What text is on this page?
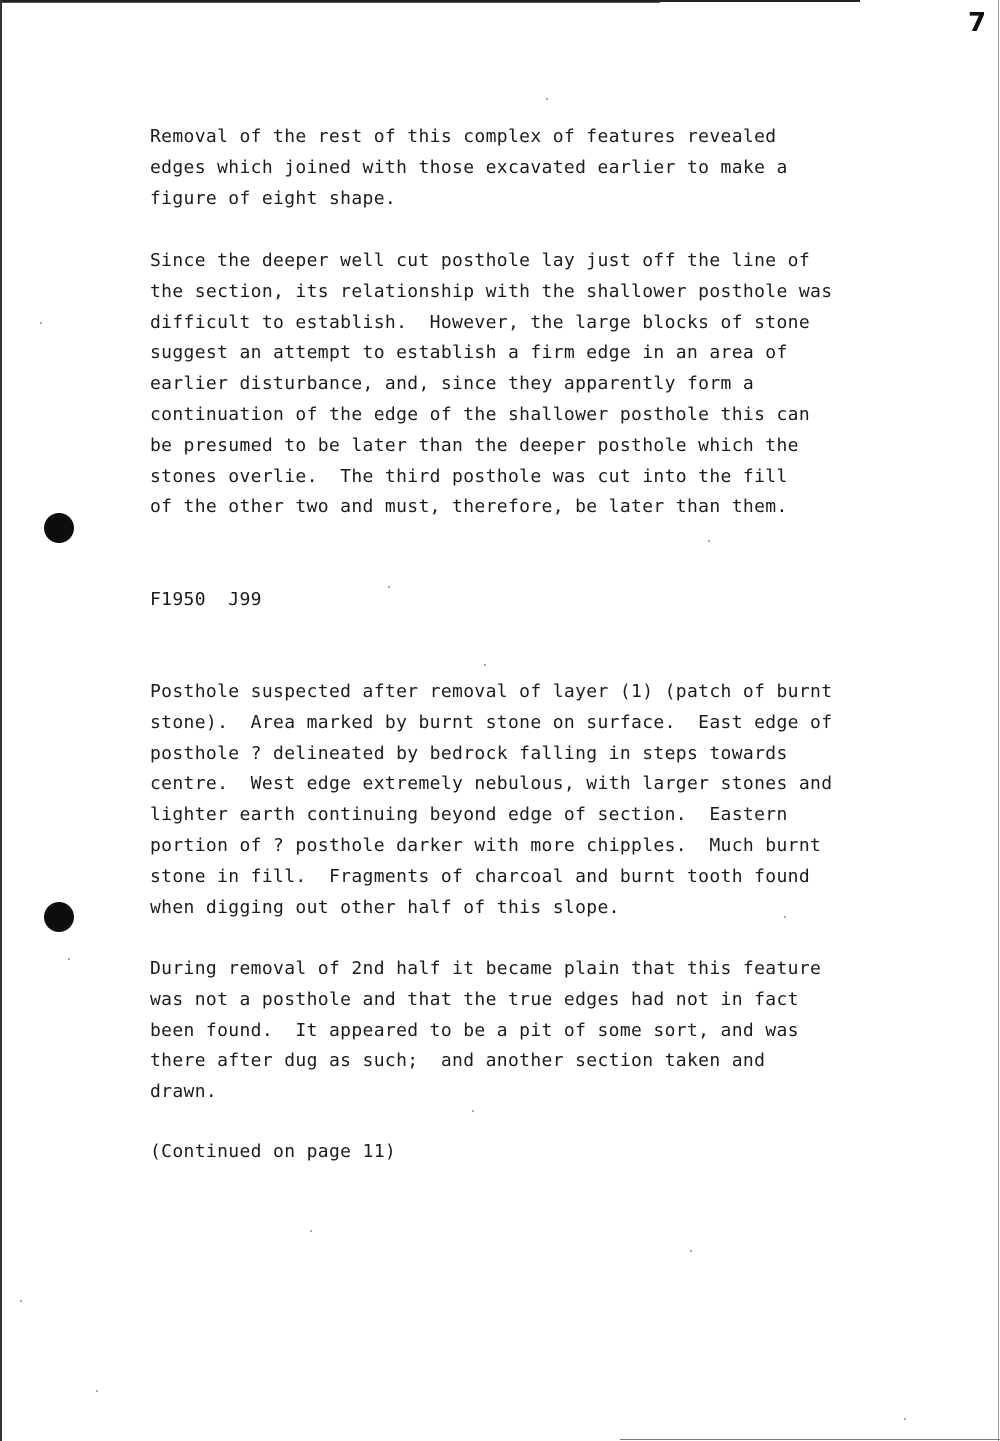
7
Removal of the rest of this complex of features revealed
edges which joined with those excavated earlier to make a
figure of eight shape.
Since the deeper well cut posthole lay just off the line of
the section, its relationship with the shallower posthole was
difficult to establish.  However, the large blocks of stone
suggest an attempt to establish a firm edge in an area of
earlier disturbance, and, since they apparently form a
continuation of the edge of the shallower posthole this can
be presumed to be later than the deeper posthole which the
stones overlie.  The third posthole was cut into the fill
of the other two and must, therefore, be later than them.
F1950  J99
Posthole suspected after removal of layer (1) (patch of burnt
stone).  Area marked by burnt stone on surface.  East edge of
posthole ? delineated by bedrock falling in steps towards
centre.  West edge extremely nebulous, with larger stones and
lighter earth continuing beyond edge of section.  Eastern
portion of ? posthole darker with more chipples.  Much burnt
stone in fill.  Fragments of charcoal and burnt tooth found
when digging out other half of this slope.
During removal of 2nd half it became plain that this feature
was not a posthole and that the true edges had not in fact
been found.  It appeared to be a pit of some sort, and was
there after dug as such;  and another section taken and
drawn.
(Continued on page 11)
